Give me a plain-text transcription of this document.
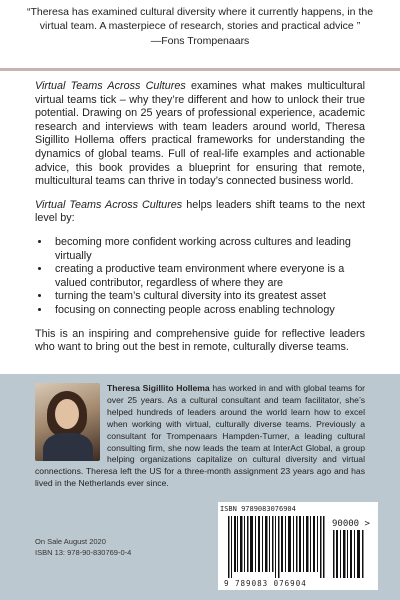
“Theresa has examined cultural diversity where it currently happens, in the virtual team. A masterpiece of research, stories and practical advice ”
—Fons Trompenaars

Virtual Teams Across Cultures examines what makes multicultural virtual teams tick – why they’re different and how to unlock their true potential. Drawing on 25 years of professional experience, academic research and interviews with team leaders around world, Theresa Sigillito Hollema offers practical frameworks for understanding the dynamics of global teams. Full of real-life examples and actionable advice, this book provides a blueprint for ensuring that remote, multicultural teams can thrive in today’s connected business world.

Virtual Teams Across Cultures helps leaders shift teams to the next level by:

• becoming more confident working across cultures and leading virtually
• creating a productive team environment where everyone is a valued contributor, regardless of where they are
• turning the team’s cultural diversity into its greatest asset
• focusing on connecting people across enabling technology

This is an inspiring and comprehensive guide for reflective leaders who want to bring out the best in remote, culturally diverse teams.

Theresa Sigillito Hollema has worked in and with global teams for over 25 years. As a cultural consultant and team facilitator, she’s helped hundreds of leaders around the world learn how to excel when working with virtual, culturally diverse teams. Previously a consultant for Trompenaars Hampden-Turner, a leading cultural consulting firm, she now leads the team at InterAct Global, a group helping organizations capitalize on cultural diversity and virtual connections. Theresa left the US for a three-month assignment 23 years ago and has lived in the Netherlands ever since.
On Sale August 2020
ISBN 13: 978-90-830769-0-4
ISBN 9789083076904
90000 >
9 789083 076904
